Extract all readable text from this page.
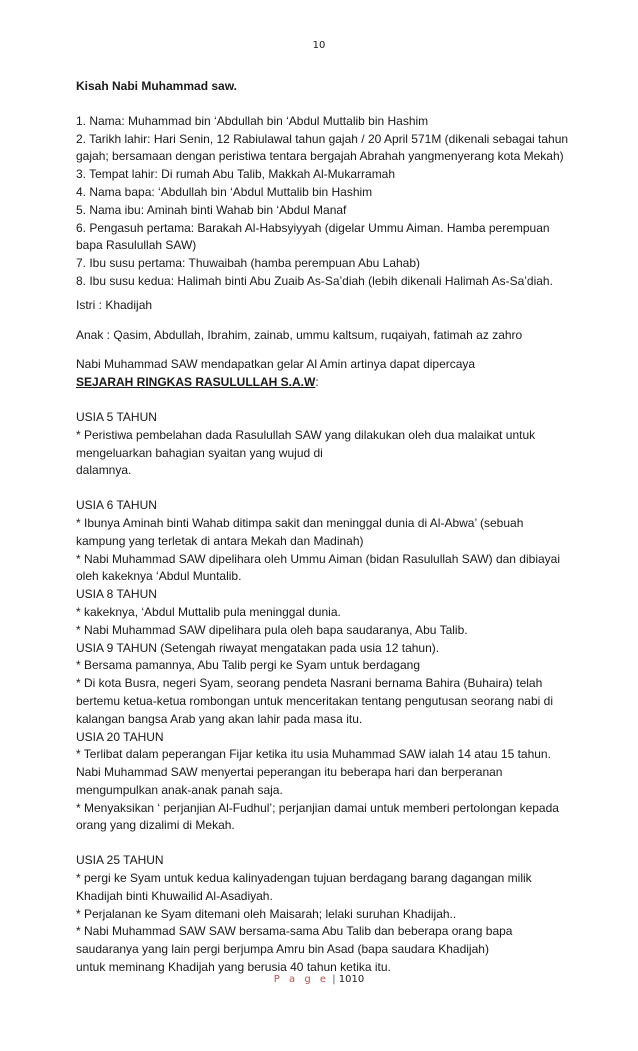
10
Kisah Nabi Muhammad saw.
1. Nama: Muhammad bin ‘Abdullah bin ‘Abdul Muttalib bin Hashim
2. Tarikh lahir: Hari Senin, 12 Rabiulawal tahun gajah / 20 April 571M (dikenali sebagai tahun
gajah; bersamaan dengan peristiwa tentara bergajah Abrahah yangmenyerang kota Mekah)
3. Tempat lahir: Di rumah Abu Talib, Makkah Al-Mukarramah
4. Nama bapa: ‘Abdullah bin ‘Abdul Muttalib bin Hashim
5. Nama ibu: Aminah binti Wahab bin ‘Abdul Manaf
6. Pengasuh pertama: Barakah Al-Habsyiyyah (digelar Ummu Aiman. Hamba perempuan
bapa Rasulullah SAW)
7. Ibu susu pertama: Thuwaibah (hamba perempuan Abu Lahab)
8. Ibu susu kedua: Halimah binti Abu Zuaib As-Sa’diah (lebih dikenali Halimah As-Sa’diah.
Istri : Khadijah
Anak : Qasim, Abdullah, Ibrahim, zainab, ummu kaltsum, ruqaiyah, fatimah az zahro
Nabi Muhammad SAW mendapatkan gelar Al Amin artinya dapat dipercaya
SEJARAH RINGKAS RASULULLAH S.A.W:
USIA 5 TAHUN
* Peristiwa pembelahan dada Rasulullah SAW yang dilakukan oleh dua malaikat untuk
mengeluarkan bahagian syaitan yang wujud di
dalamnya.
USIA 6 TAHUN
* Ibunya Aminah binti Wahab ditimpa sakit dan meninggal dunia di Al-Abwa’ (sebuah
kampung yang terletak di antara Mekah dan Madinah)
* Nabi Muhammad SAW dipelihara oleh Ummu Aiman (bidan Rasulullah SAW) dan dibiayai
oleh kakeknya ‘Abdul Muntalib.
USIA 8 TAHUN
* kakeknya, ‘Abdul Muttalib pula meninggal dunia.
* Nabi Muhammad SAW dipelihara pula oleh bapa saudaranya, Abu Talib.
USIA 9 TAHUN (Setengah riwayat mengatakan pada usia 12 tahun).
* Bersama pamannya, Abu Talib pergi ke Syam untuk berdagang
* Di kota Busra, negeri Syam, seorang pendeta Nasrani bernama Bahira (Buhaira) telah
bertemu ketua-ketua rombongan untuk menceritakan tentang pengutusan seorang nabi di
kalangan bangsa Arab yang akan lahir pada masa itu.
USIA 20 TAHUN
* Terlibat dalam peperangan Fijar ketika itu usia Muhammad SAW ialah 14 atau 15 tahun.
Nabi Muhammad SAW menyertai peperangan itu beberapa hari dan berperanan
mengumpulkan anak-anak panah saja.
* Menyaksikan ‘ perjanjian Al-Fudhul’; perjanjian damai untuk memberi pertolongan kepada
orang yang dizalimi di Mekah.
USIA 25 TAHUN
* pergi ke Syam untuk kedua kalinyadengan tujuan berdagang barang dagangan milik
Khadijah binti Khuwailid Al-Asadiyah.
* Perjalanan ke Syam ditemani oleh Maisarah; lelaki suruhan Khadijah..
* Nabi Muhammad SAW SAW bersama-sama Abu Talib dan beberapa orang bapa
saudaranya yang lain pergi berjumpa Amru bin Asad (bapa saudara Khadijah)
untuk meminang Khadijah yang berusia 40 tahun ketika itu.
P a g e | 1010
